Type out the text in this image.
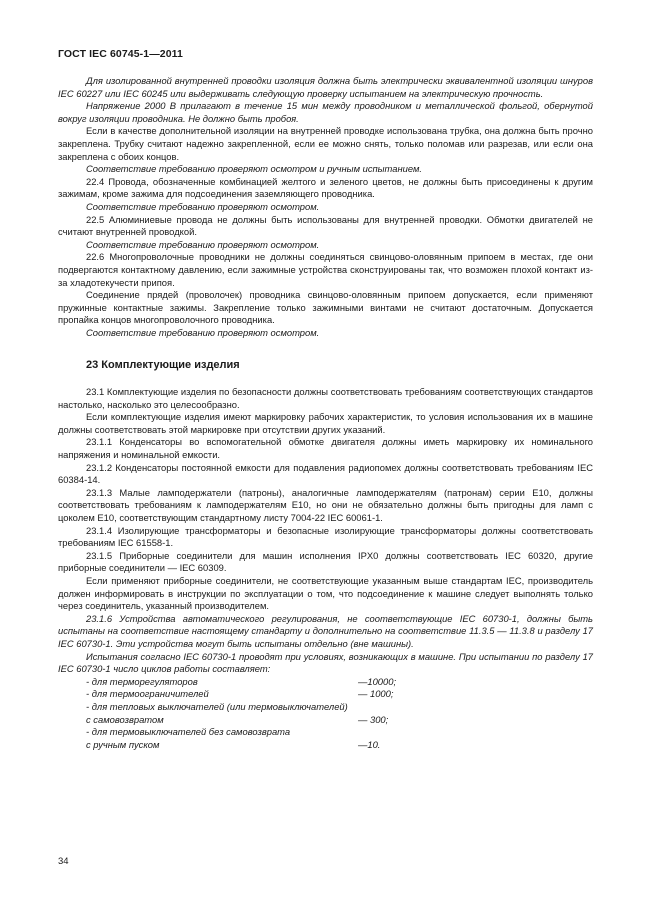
ГОСТ IEC 60745-1—2011

Для изолированной внутренней проводки изоляция должна быть электрически эквивалентной изоляции шнуров IEC 60227 или IEC 60245 или выдерживать следующую проверку испытанием на электрическую прочность.

Напряжение 2000 В прилагают в течение 15 мин между проводником и металлической фольгой, обернутой вокруг изоляции проводника. Не должно быть пробоя.

Если в качестве дополнительной изоляции на внутренней проводке использована трубка, она должна быть прочно закреплена. Трубку считают надежно закрепленной, если ее можно снять, только поломав или разрезав, или если она закреплена с обоих концов.

Соответствие требованию проверяют осмотром и ручным испытанием.

22.4 Провода, обозначенные комбинацией желтого и зеленого цветов, не должны быть присоединены к другим зажимам, кроме зажима для подсоединения заземляющего проводника.

Соответствие требованию проверяют осмотром.

22.5 Алюминиевые провода не должны быть использованы для внутренней проводки. Обмотки двигателей не считают внутренней проводкой.

Соответствие требованию проверяют осмотром.

22.6 Многопроволочные проводники не должны соединяться свинцово-оловянным припоем в местах, где они подвергаются контактному давлению, если зажимные устройства сконструированы так, что возможен плохой контакт из-за хладотекучести припоя.

Соединение прядей (проволочек) проводника свинцово-оловянным припоем допускается, если применяют пружинные контактные зажимы. Закрепление только зажимными винтами не считают достаточным. Допускается пропайка концов многопроволочного проводника.

Соответствие требованию проверяют осмотром.

23 Комплектующие изделия

23.1 Комплектующие изделия по безопасности должны соответствовать требованиям соответствующих стандартов настолько, насколько это целесообразно.

Если комплектующие изделия имеют маркировку рабочих характеристик, то условия использования их в машине должны соответствовать этой маркировке при отсутствии других указаний.

23.1.1 Конденсаторы во вспомогательной обмотке двигателя должны иметь маркировку их номинального напряжения и номинальной емкости.

23.1.2 Конденсаторы постоянной емкости для подавления радиопомех должны соответствовать требованиям IEC 60384-14.

23.1.3 Малые ламподержатели (патроны), аналогичные ламподержателям (патронам) серии Е10, должны соответствовать требованиям к ламподержателям Е10, но они не обязательно должны быть пригодны для ламп с цоколем Е10, соответствующим стандартному листу 7004-22 IEC 60061-1.

23.1.4 Изолирующие трансформаторы и безопасные изолирующие трансформаторы должны соответствовать требованиям IEC 61558-1.

23.1.5 Приборные соединители для машин исполнения IPX0 должны соответствовать IEC 60320, другие приборные соединители — IEC 60309.

Если применяют приборные соединители, не соответствующие указанным выше стандартам IEC, производитель должен информировать в инструкции по эксплуатации о том, что подсоединение к машине следует выполнять только через соединитель, указанный производителем.

23.1.6 Устройства автоматического регулирования, не соответствующие IEC 60730-1, должны быть испытаны на соответствие настоящему стандарту и дополнительно на соответствие 11.3.5 — 11.3.8 и разделу 17 IEC 60730-1. Эти устройства могут быть испытаны отдельно (вне машины).

Испытания согласно IEC 60730-1 проводят при условиях, возникающих в машине. При испытании по разделу 17 IEC 60730-1 число циклов работы составляет:

- для терморегуляторов	—10000;
- для термоограничителей	— 1000;
- для тепловых выключателей (или термовыключателей)
с самовозвратом	— 300;
- для термовыключателей без самовозврата
с ручным пуском	—10.
34
